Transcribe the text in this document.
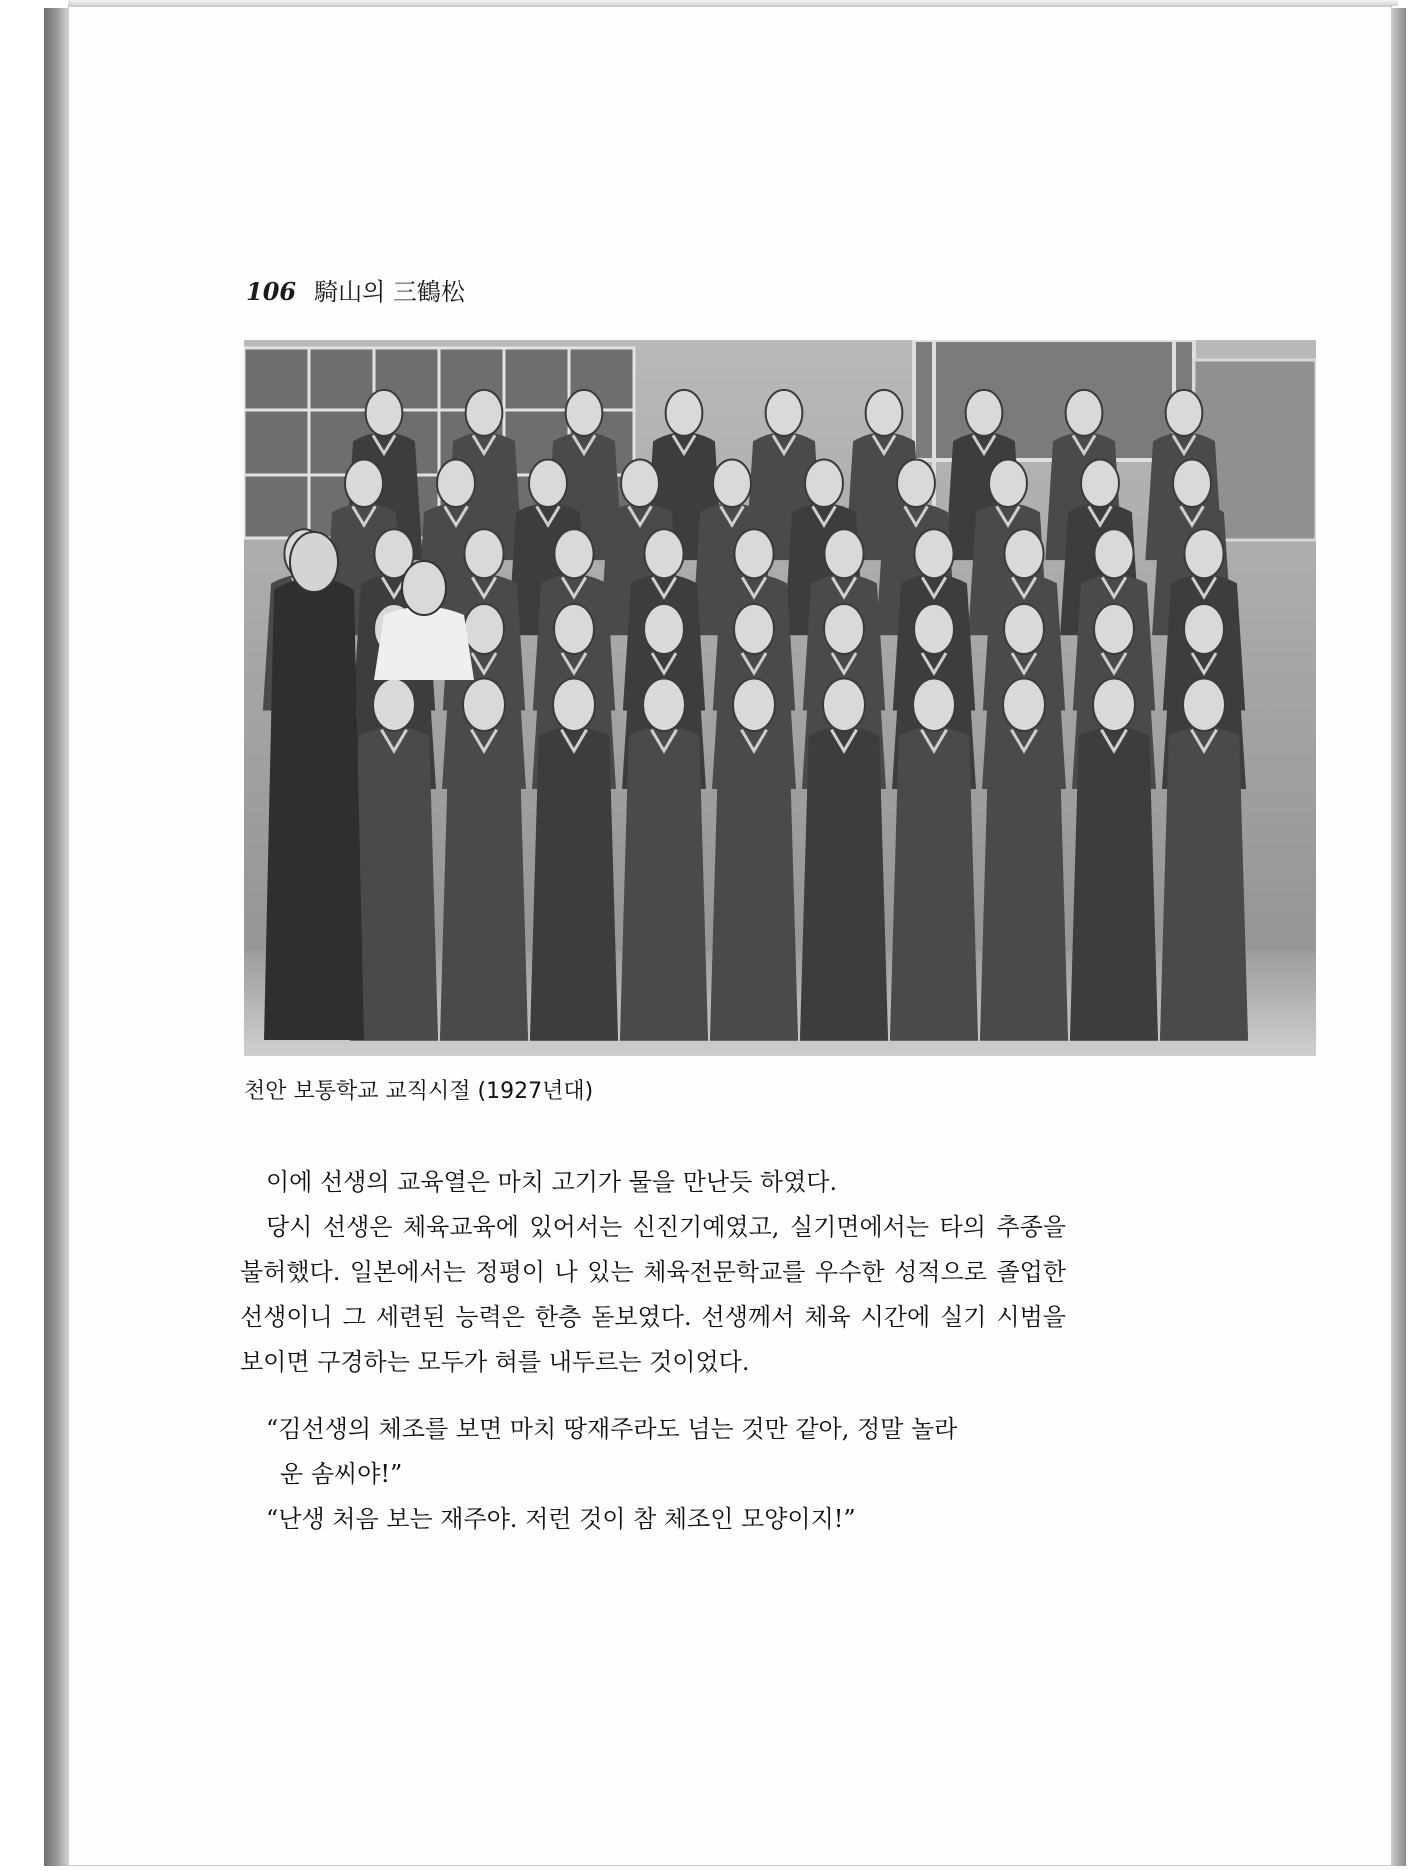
106 騎山의 三鶴松
천안 보통학교 교직시절 (1927년대)

이에 선생의 교육열은 마치 고기가 물을 만난듯 하였다.

당시 선생은 체육교육에 있어서는 신진기예였고, 실기면에서는 타의 추종을 불허했다. 일본에서는 정평이 나 있는 체육전문학교를 우수한 성적으로 졸업한 선생이니 그 세련된 능력은 한층 돋보였다. 선생께서 체육 시간에 실기 시범을 보이면 구경하는 모두가 혀를 내두르는 것이었다.

“김선생의 체조를 보면 마치 땅재주라도 넘는 것만 같아, 정말 놀라

운 솜씨야!”

“난생 처음 보는 재주야. 저런 것이 참 체조인 모양이지!”
